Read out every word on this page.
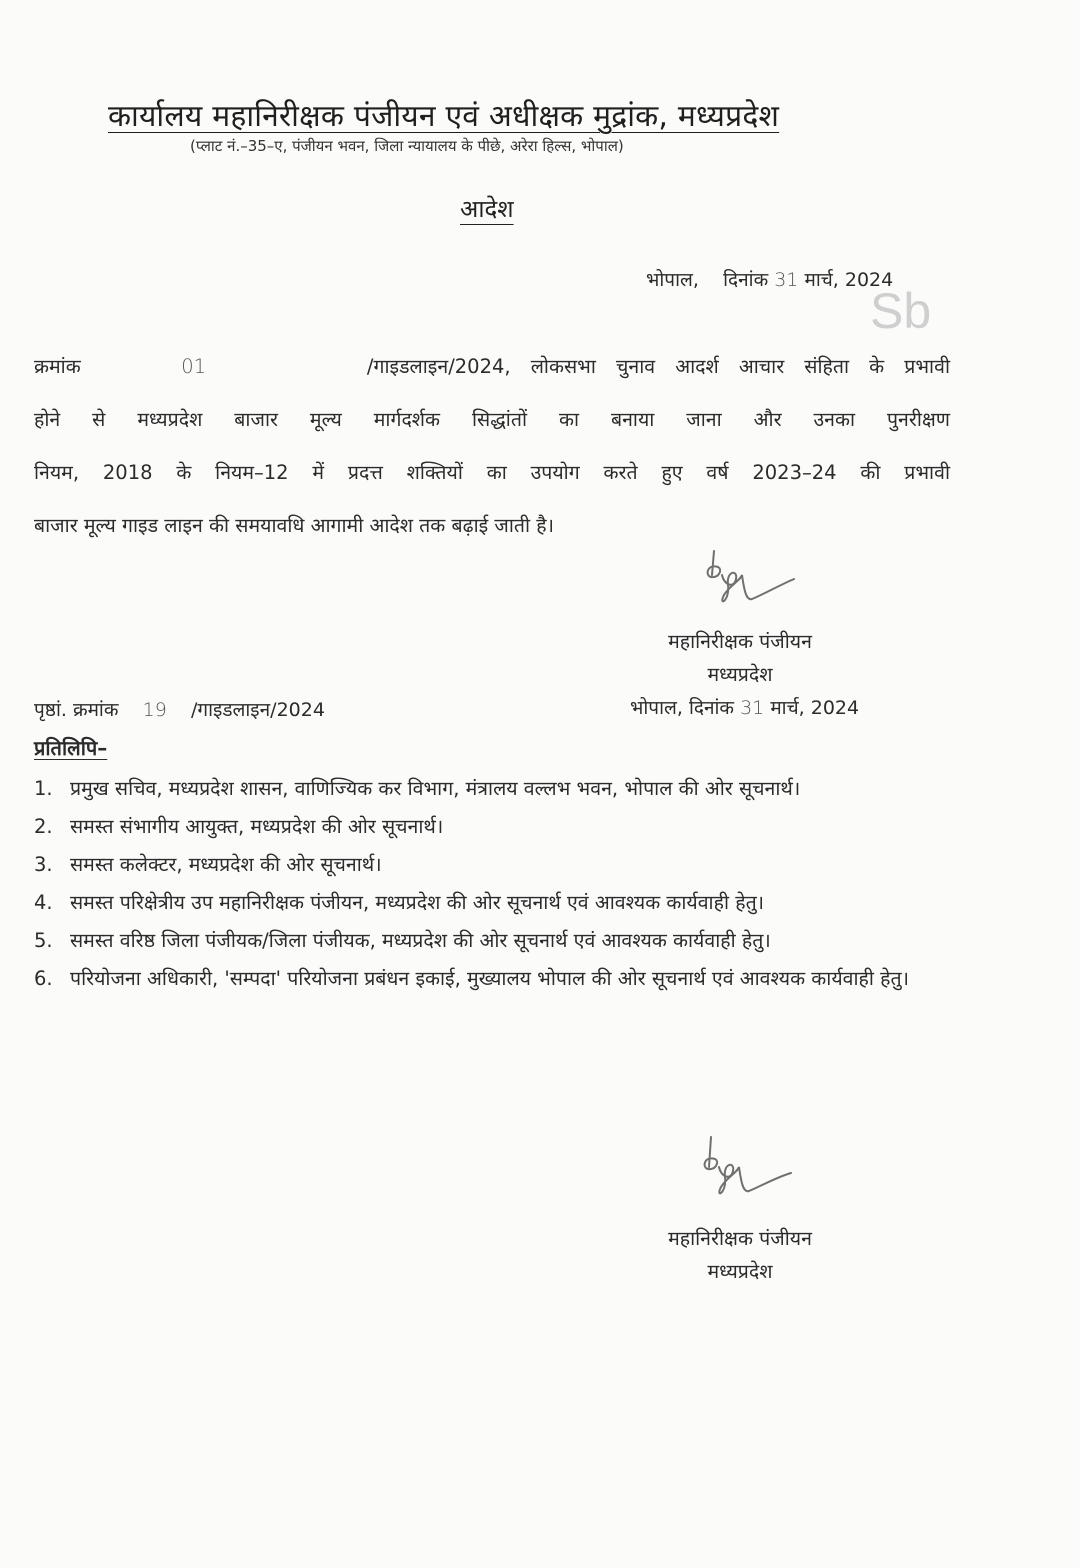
कार्यालय महानिरीक्षक पंजीयन एवं अधीक्षक मुद्रांक, मध्यप्रदेश
(प्लाट नं.–35–ए, पंजीयन भवन, जिला न्यायालय के पीछे, अरेरा हिल्स, भोपाल)
आदेश
भोपाल, दिनांक 31 मार्च, 2024
Sb
क्रमांक	01	/गाइडलाइन/2024, लोकसभा चुनाव आदर्श आचार संहिता के प्रभावी
होने से मध्यप्रदेश बाजार मूल्य मार्गदर्शक सिद्धांतों का बनाया जाना और उनका पुनरीक्षण
नियम, 2018 के नियम–12 में प्रदत्त शक्तियों का उपयोग करते हुए वर्ष 2023–24 की प्रभावी
बाजार मूल्य गाइड लाइन की समयावधि आगामी आदेश तक बढ़ाई जाती है।
महानिरीक्षक पंजीयन
मध्यप्रदेश
पृष्ठां. क्रमांक 19 /गाइडलाइन/2024	भोपाल, दिनांक 31 मार्च, 2024
प्रतिलिपि–
1. प्रमुख सचिव, मध्यप्रदेश शासन, वाणिज्यिक कर विभाग, मंत्रालय वल्लभ भवन, भोपाल की ओर सूचनार्थ।
2. समस्त संभागीय आयुक्त, मध्यप्रदेश की ओर सूचनार्थ।
3. समस्त कलेक्टर, मध्यप्रदेश की ओर सूचनार्थ।
4. समस्त परिक्षेत्रीय उप महानिरीक्षक पंजीयन, मध्यप्रदेश की ओर सूचनार्थ एवं आवश्यक कार्यवाही हेतु।
5. समस्त वरिष्ठ जिला पंजीयक/जिला पंजीयक, मध्यप्रदेश की ओर सूचनार्थ एवं आवश्यक कार्यवाही हेतु।
6. परियोजना अधिकारी, 'सम्पदा' परियोजना प्रबंधन इकाई, मुख्यालय भोपाल की ओर सूचनार्थ एवं आवश्यक कार्यवाही हेतु।
महानिरीक्षक पंजीयन
मध्यप्रदेश
